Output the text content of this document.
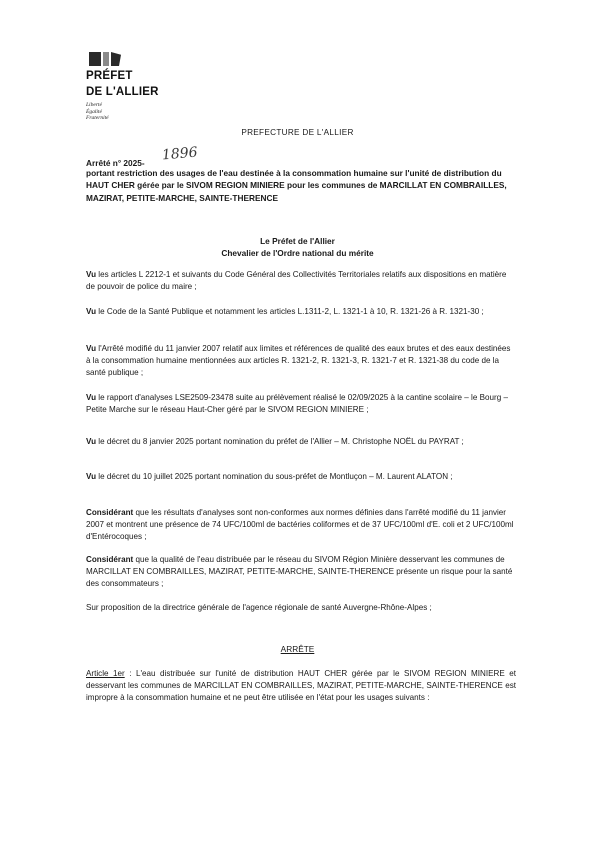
PRÉFET
DE L'ALLIER
Liberté
Égalité
Fraternité
PREFECTURE DE L'ALLIER
Arrêté n° 2025- 1896
portant restriction des usages de l'eau destinée à la consommation humaine sur l'unité de distribution du HAUT CHER gérée par le SIVOM REGION MINIERE pour les communes de MARCILLAT EN COMBRAILLES, MAZIRAT, PETITE-MARCHE, SAINTE-THERENCE
Le Préfet de l'Allier
Chevalier de l'Ordre national du mérite
Vu les articles L 2212-1 et suivants du Code Général des Collectivités Territoriales relatifs aux dispositions en matière de pouvoir de police du maire ;
Vu le Code de la Santé Publique et notamment les articles L.1311-2, L. 1321-1 à 10, R. 1321-26 à R. 1321-30 ;
Vu l'Arrêté modifié du 11 janvier 2007 relatif aux limites et références de qualité des eaux brutes et des eaux destinées à la consommation humaine mentionnées aux articles R. 1321-2, R. 1321-3, R. 1321-7 et R. 1321-38 du code de la santé publique ;
Vu le rapport d'analyses LSE2509-23478 suite au prélèvement réalisé le 02/09/2025 à la cantine scolaire – le Bourg – Petite Marche sur le réseau Haut-Cher géré par le SIVOM REGION MINIERE ;
Vu le décret du 8 janvier 2025 portant nomination du préfet de l'Allier – M. Christophe NOËL du PAYRAT ;
Vu le décret du 10 juillet 2025 portant nomination du sous-préfet de Montluçon – M. Laurent ALATON ;
Considérant que les résultats d'analyses sont non-conformes aux normes définies dans l'arrêté modifié du 11 janvier 2007 et montrent une présence de 74 UFC/100ml de bactéries coliformes et de 37 UFC/100ml d'E. coli et 2 UFC/100ml d'Entérocoques ;
Considérant que la qualité de l'eau distribuée par le réseau du SIVOM Région Minière desservant les communes de MARCILLAT EN COMBRAILLES, MAZIRAT, PETITE-MARCHE, SAINTE-THERENCE présente un risque pour la santé des consommateurs ;
Sur proposition de la directrice générale de l'agence régionale de santé Auvergne-Rhône-Alpes ;
ARRÊTE
Article 1er : L'eau distribuée sur l'unité de distribution HAUT CHER gérée par le SIVOM REGION MINIERE et desservant les communes de MARCILLAT EN COMBRAILLES, MAZIRAT, PETITE-MARCHE, SAINTE-THERENCE est impropre à la consommation humaine et ne peut être utilisée en l'état pour les usages suivants :
